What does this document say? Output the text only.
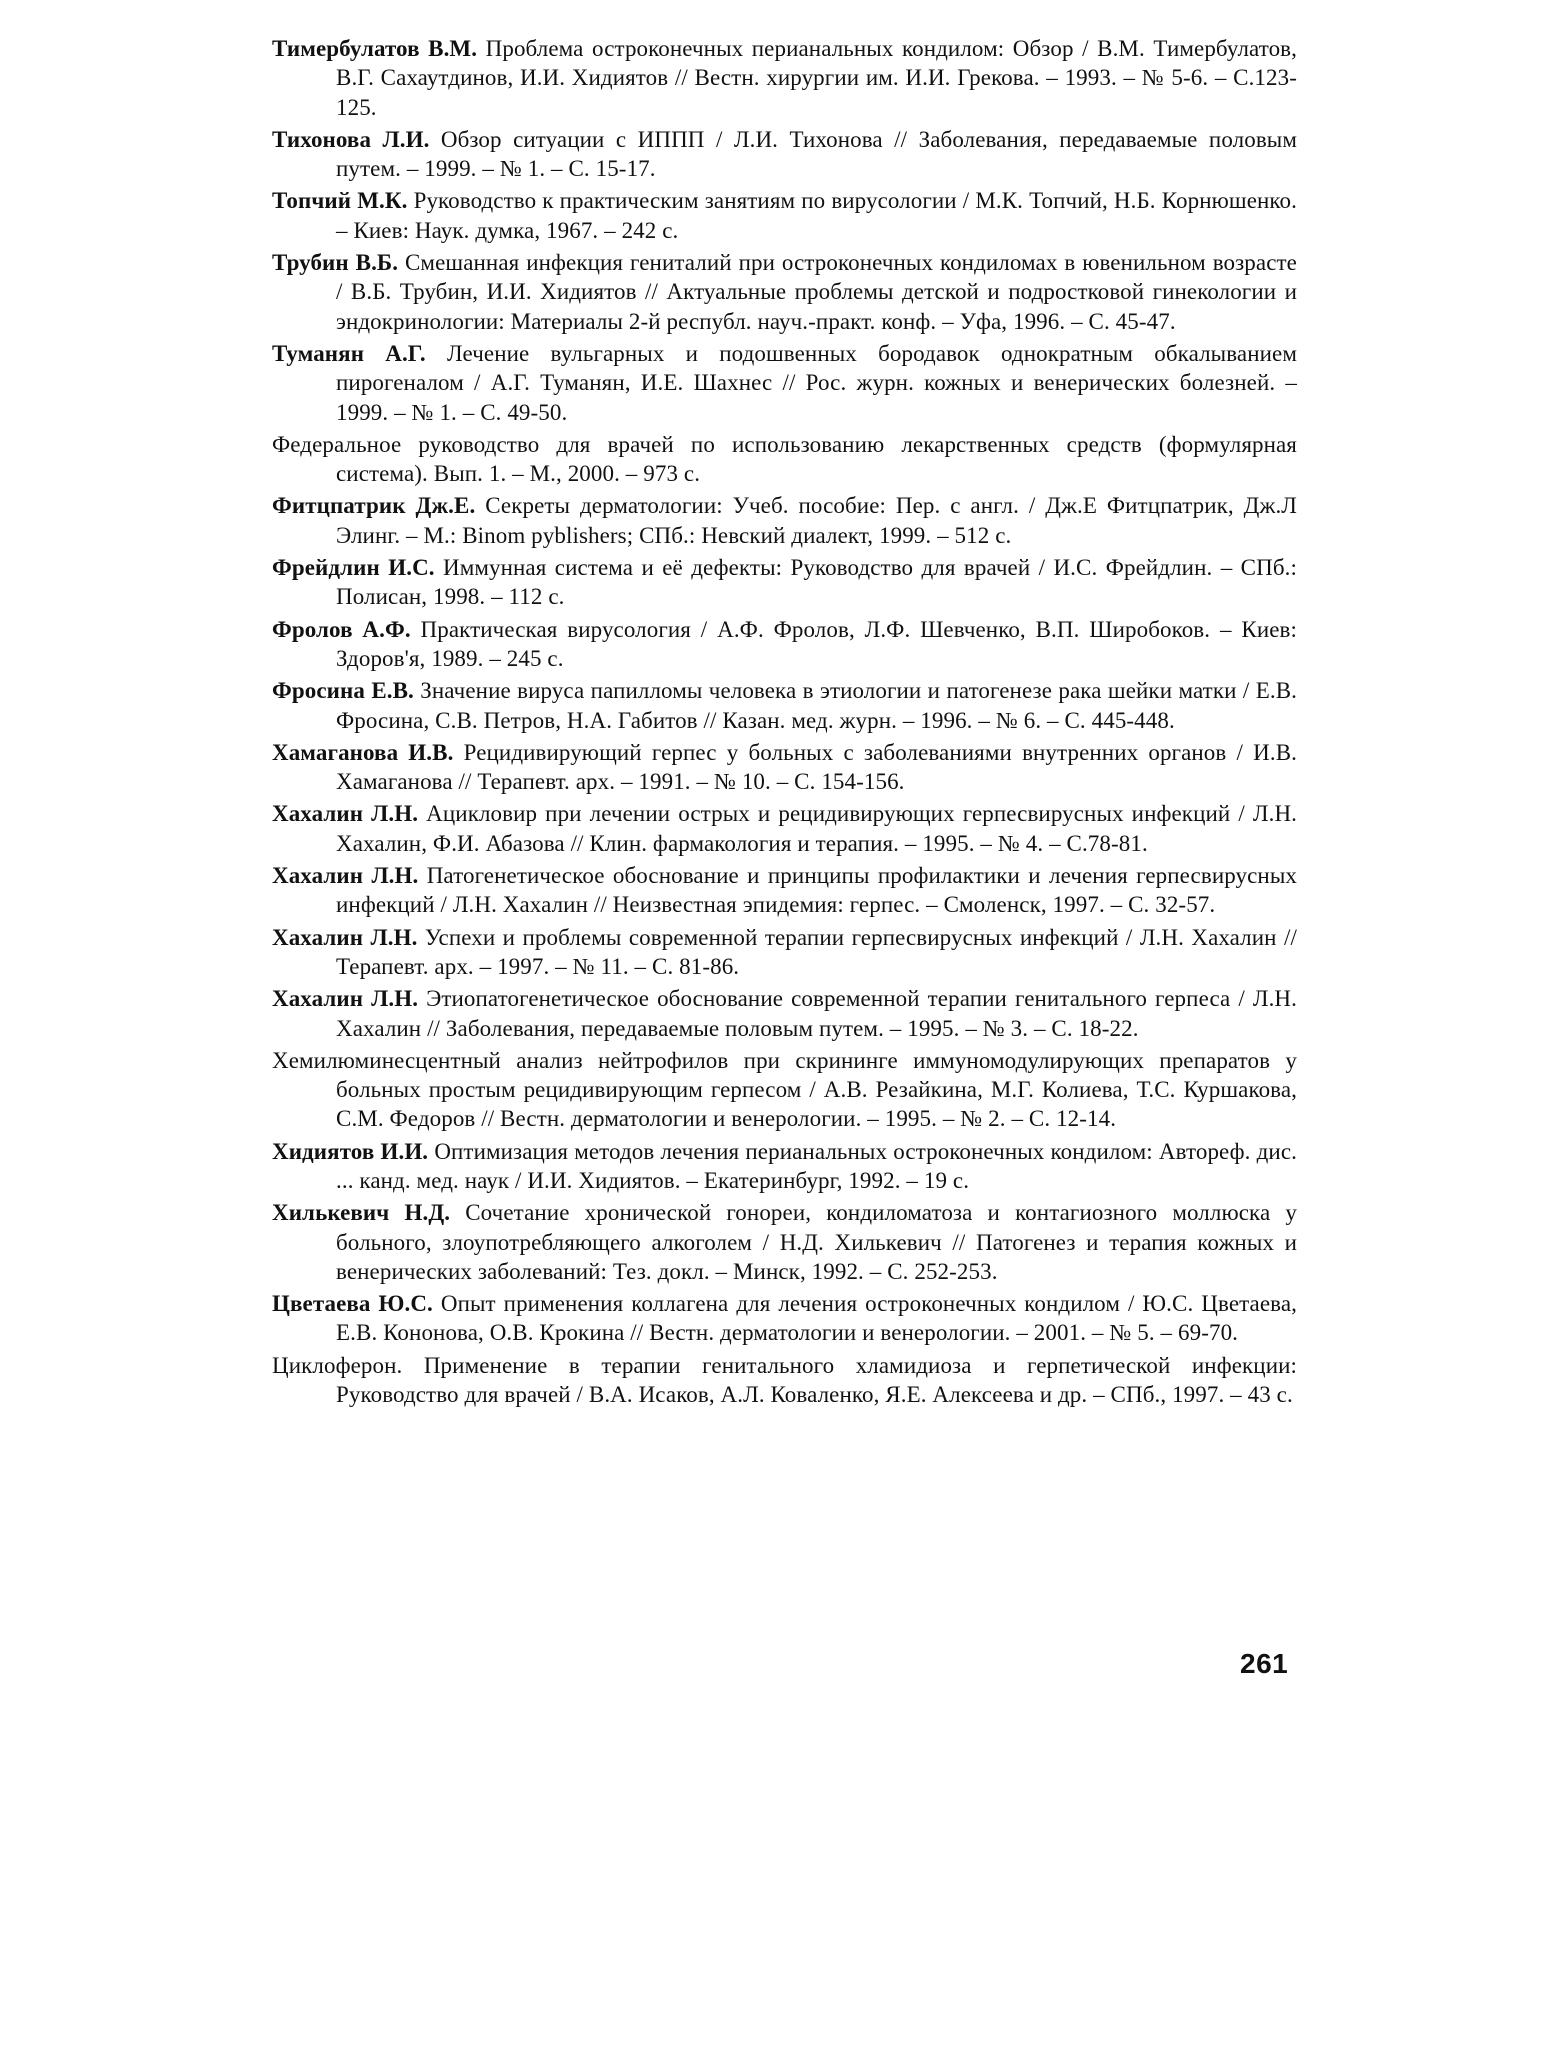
Тимербулатов В.М. Проблема остроконечных перианальных кондилом: Обзор / В.М. Тимербулатов, В.Г. Сахаутдинов, И.И. Хидиятов // Вестн. хирургии им. И.И. Грекова. – 1993. – № 5-6. – С.123-125.

Тихонова Л.И. Обзор ситуации с ИППП / Л.И. Тихонова // Заболевания, передаваемые половым путем. – 1999. – № 1. – С. 15-17.

Топчий М.К. Руководство к практическим занятиям по вирусологии / М.К. Топчий, Н.Б. Корнюшенко. – Киев: Наук. думка, 1967. – 242 с.

Трубин В.Б. Смешанная инфекция гениталий при остроконечных кондиломах в ювенильном возрасте / В.Б. Трубин, И.И. Хидиятов // Актуальные проблемы детской и подростковой гинекологии и эндокринологии: Материалы 2-й республ. науч.-практ. конф. – Уфа, 1996. – С. 45-47.

Туманян А.Г. Лечение вульгарных и подошвенных бородавок однократным обкалыванием пирогеналом / А.Г. Туманян, И.Е. Шахнес // Рос. журн. кожных и венерических болезней. – 1999. – № 1. – С. 49-50.

Федеральное руководство для врачей по использованию лекарственных средств (формулярная система). Вып. 1. – М., 2000. – 973 с.

Фитцпатрик Дж.Е. Секреты дерматологии: Учеб. пособие: Пер. с англ. / Дж.Е Фитцпатрик, Дж.Л Элинг. – М.: Binom pyblishers; СПб.: Невский диалект, 1999. – 512 с.

Фрейдлин И.С. Иммунная система и её дефекты: Руководство для врачей / И.С. Фрейдлин. – СПб.: Полисан, 1998. – 112 с.

Фролов А.Ф. Практическая вирусология / А.Ф. Фролов, Л.Ф. Шевченко, В.П. Широбоков. – Киев: Здоров'я, 1989. – 245 с.

Фросина Е.В. Значение вируса папилломы человека в этиологии и патогенезе рака шейки матки / Е.В. Фросина, С.В. Петров, Н.А. Габитов // Казан. мед. журн. – 1996. – № 6. – С. 445-448.

Хамаганова И.В. Рецидивирующий герпес у больных с заболеваниями внутренних органов / И.В. Хамаганова // Терапевт. арх. – 1991. – № 10. – С. 154-156.

Хахалин Л.Н. Ацикловир при лечении острых и рецидивирующих герпесвирусных инфекций / Л.Н. Хахалин, Ф.И. Абазова // Клин. фармакология и терапия. – 1995. – № 4. – С.78-81.

Хахалин Л.Н. Патогенетическое обоснование и принципы профилактики и лечения герпесвирусных инфекций / Л.Н. Хахалин // Неизвестная эпидемия: герпес. – Смоленск, 1997. – С. 32-57.

Хахалин Л.Н. Успехи и проблемы современной терапии герпесвирусных инфекций / Л.Н. Хахалин // Терапевт. арх. – 1997. – № 11. – С. 81-86.

Хахалин Л.Н. Этиопатогенетическое обоснование современной терапии генитального герпеса / Л.Н. Хахалин // Заболевания, передаваемые половым путем. – 1995. – № 3. – С. 18-22.

Хемилюминесцентный анализ нейтрофилов при скрининге иммуномодулирующих препаратов у больных простым рецидивирующим герпесом / А.В. Резайкина, М.Г. Колиева, Т.С. Куршакова, С.М. Федоров // Вестн. дерматологии и венерологии. – 1995. – № 2. – С. 12-14.

Хидиятов И.И. Оптимизация методов лечения перианальных остроконечных кондилом: Автореф. дис. ... канд. мед. наук / И.И. Хидиятов. – Екатеринбург, 1992. – 19 с.

Хилькевич Н.Д. Сочетание хронической гонореи, кондиломатоза и контагиозного моллюска у больного, злоупотребляющего алкоголем / Н.Д. Хилькевич // Патогенез и терапия кожных и венерических заболеваний: Тез. докл. – Минск, 1992. – С. 252-253.

Цветаева Ю.С. Опыт применения коллагена для лечения остроконечных кондилом / Ю.С. Цветаева, Е.В. Кононова, О.В. Крокина // Вестн. дерматологии и венерологии. – 2001. – № 5. – 69-70.

Циклоферон. Применение в терапии генитального хламидиоза и герпетической инфекции: Руководство для врачей / В.А. Исаков, А.Л. Коваленко, Я.Е. Алексеева и др. – СПб., 1997. – 43 с.

261
